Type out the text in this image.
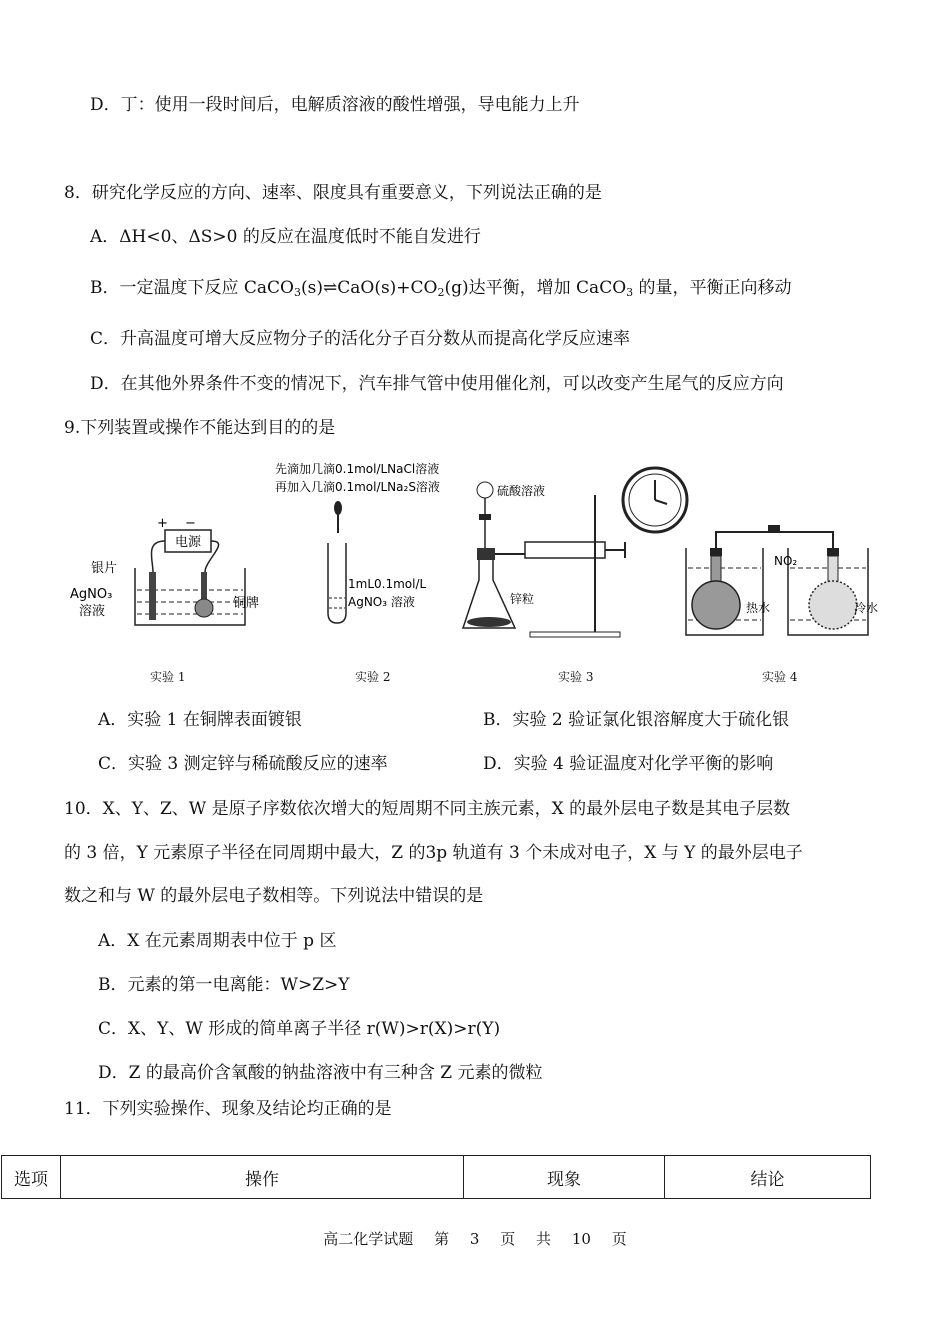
D．丁：使用一段时间后，电解质溶液的酸性增强，导电能力上升
8．研究化学反应的方向、速率、限度具有重要意义，下列说法正确的是
A．ΔH<0、ΔS>0 的反应在温度低时不能自发进行
B．一定温度下反应 $CaCO_3(s)\rightleftharpoons CaO(s)+CO_2(g)$达平衡，增加 CaCO$_3$ 的量，平衡正向移动
C．升高温度可增大反应物分子的活化分子百分数从而提高化学反应速率
D．在其他外界条件不变的情况下，汽车排气管中使用催化剂，可以改变产生尾气的反应方向
9.下列装置或操作不能达到目的的是
电源
+ −
银片
AgNO₃
溶液
铜牌
实验 1
先滴加几滴0.1mol/LNaCl溶液
再加入几滴0.1mol/LNa₂S溶液
1mL0.1mol/L
AgNO₃ 溶液
实验 2
硫酸溶液
锌粒
实验 3
NO₂
热水	冷水
实验 4
A．实验 1 在铜牌表面镀银	B．实验 2 验证氯化银溶解度大于硫化银
C．实验 3 测定锌与稀硫酸反应的速率	D．实验 4 验证温度对化学平衡的影响
10．X、Y、Z、W 是原子序数依次增大的短周期不同主族元素，X 的最外层电子数是其电子层数
的 3 倍，Y 元素原子半径在同周期中最大，Z 的3p 轨道有 3 个未成对电子，X 与 Y 的最外层电子
数之和与 W 的最外层电子数相等。下列说法中错误的是
A．X 在元素周期表中位于 p 区
B．元素的第一电离能：W>Z>Y
C．X、Y、W 形成的简单离子半径 r(W)>r(X)>r(Y)
D．Z 的最高价含氧酸的钠盐溶液中有三种含 Z 元素的微粒
11．下列实验操作、现象及结论均正确的是
选项	操作	现象	结论
高二化学试题 第 3 页 共 10 页
